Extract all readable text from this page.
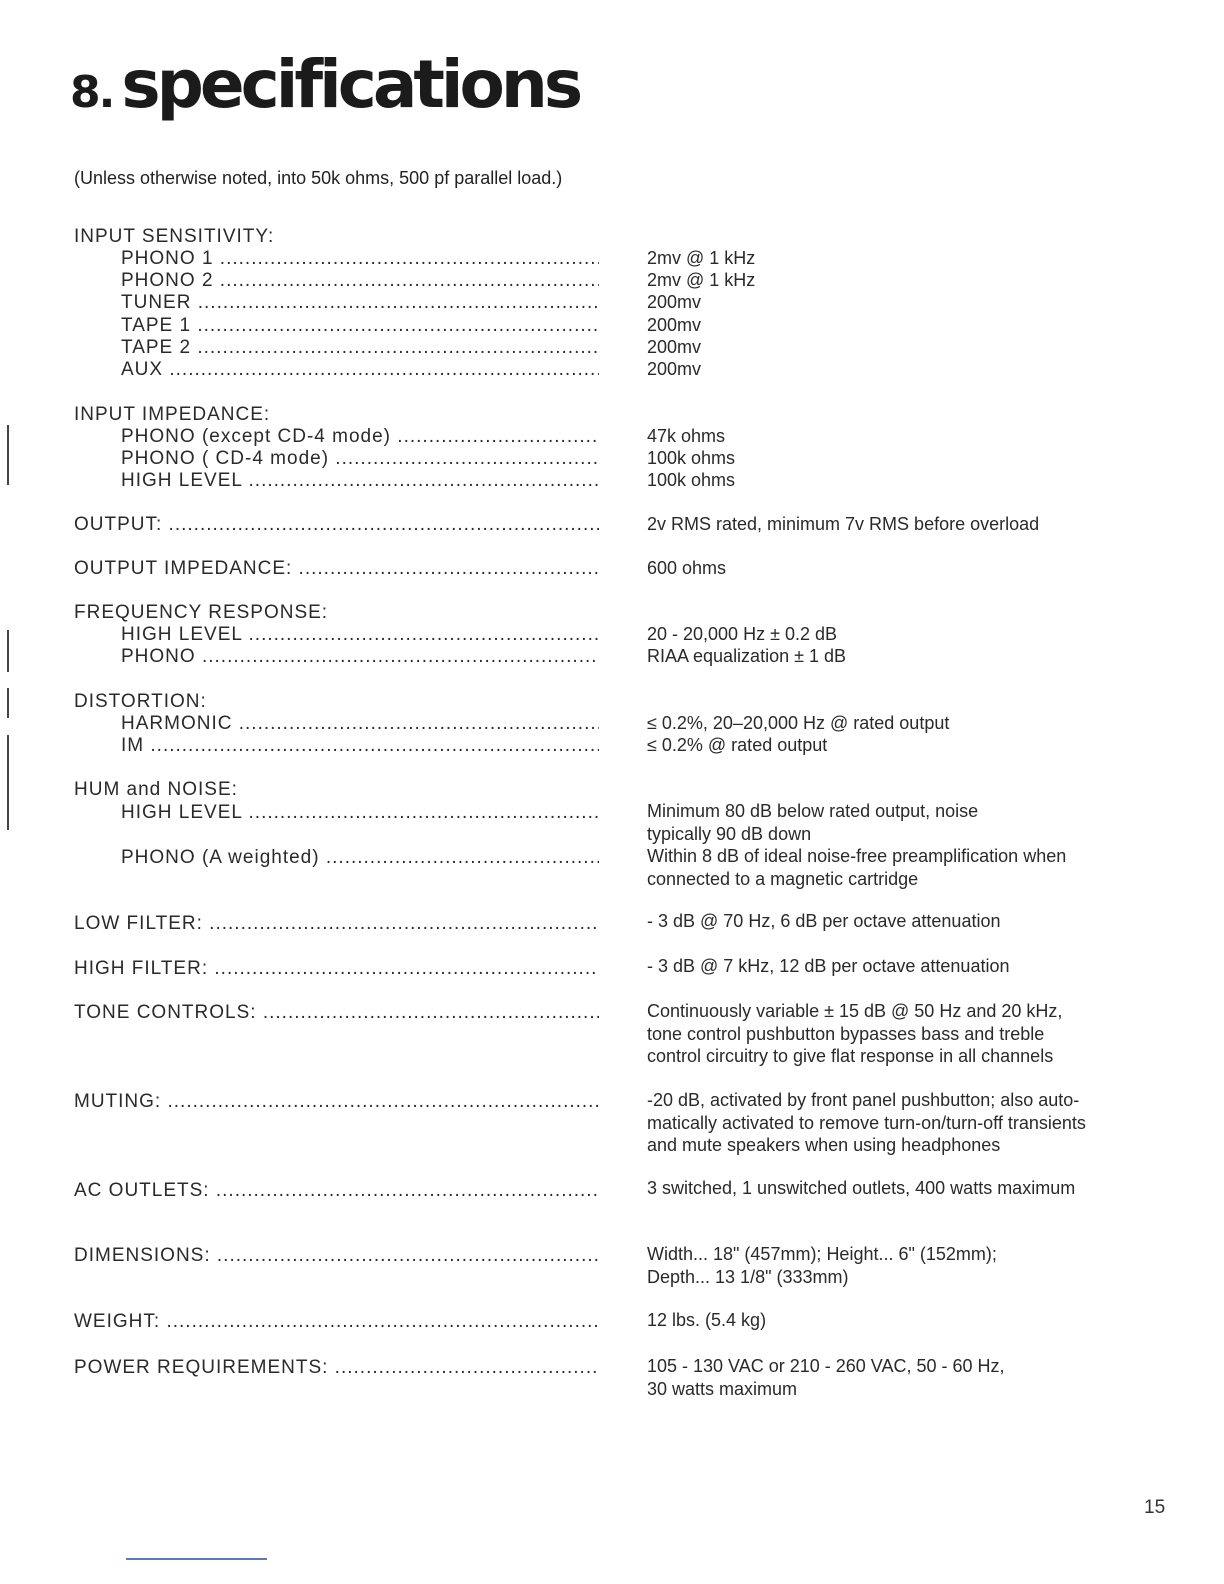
8. specifications
(Unless otherwise noted, into 50k ohms, 500 pf parallel load.)
INPUT SENSITIVITY:
PHONO 1 .....	2mv @ 1 kHz
PHONO 2 .....	2mv @ 1 kHz
TUNER .....	200mv
TAPE 1 .....	200mv
TAPE 2 .....	200mv
AUX .....	200mv
INPUT IMPEDANCE:
PHONO (except CD-4 mode) .....	47k ohms
PHONO ( CD-4 mode) .....	100k ohms
HIGH LEVEL .....	100k ohms
OUTPUT: .....	2v RMS rated, minimum 7v RMS before overload
OUTPUT IMPEDANCE: .....	600 ohms
FREQUENCY RESPONSE:
HIGH LEVEL .....	20 - 20,000 Hz ± 0.2 dB
PHONO .....	RIAA equalization ± 1 dB
DISTORTION:
HARMONIC .....	≤ 0.2%, 20–20,000 Hz @ rated output
IM .....	≤ 0.2% @ rated output
HUM and NOISE:
HIGH LEVEL .....	Minimum 80 dB below rated output, noise
typically 90 dB down
PHONO (A weighted) .....	Within 8 dB of ideal noise-free preamplification when
connected to a magnetic cartridge
LOW FILTER: .....	- 3 dB @ 70 Hz, 6 dB per octave attenuation
HIGH FILTER: .....	- 3 dB @ 7 kHz, 12 dB per octave attenuation
TONE CONTROLS: .....	Continuously variable ± 15 dB @ 50 Hz and 20 kHz,
tone control pushbutton bypasses bass and treble
control circuitry to give flat response in all channels
MUTING: .....	-20 dB, activated by front panel pushbutton; also auto-
matically activated to remove turn-on/turn-off transients
and mute speakers when using headphones
AC OUTLETS: .....	3 switched, 1 unswitched outlets, 400 watts maximum
DIMENSIONS: .....	Width... 18" (457mm); Height... 6" (152mm);
Depth... 13 1/8" (333mm)
WEIGHT: .....	12 lbs. (5.4 kg)
POWER REQUIREMENTS: .....	105 - 130 VAC or 210 - 260 VAC, 50 - 60 Hz,
30 watts maximum
15
